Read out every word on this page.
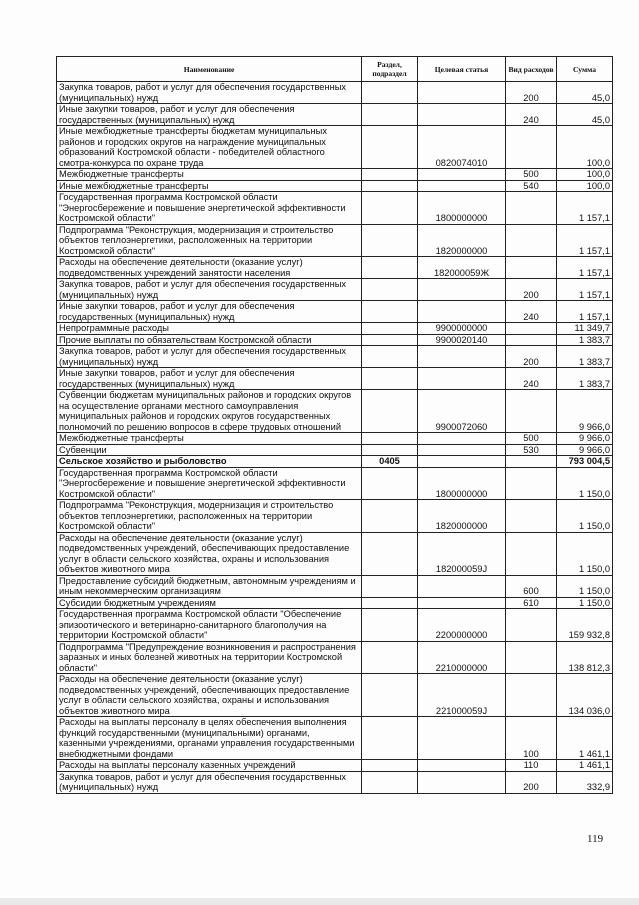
Наименование	Раздел, подраздел	Целевая статья	Вид расходов	Сумма
Закупка товаров, работ и услуг для обеспечения государственных (муниципальных) нужд			200	45,0
Иные закупки товаров, работ и услуг для обеспечения государственных (муниципальных) нужд			240	45,0
Иные межбюджетные трансферты бюджетам муниципальных районов и городских округов на награждение муниципальных образований Костромской области - победителей областного смотра-конкурса по охране труда		0820074010		100,0
Межбюджетные трансферты			500	100,0
Иные межбюджетные трансферты			540	100,0
Государственная программа Костромской области "Энергосбережение и повышение энергетической эффективности Костромской области"		1800000000		1 157,1
Подпрограмма "Реконструкция, модернизация и строительство объектов теплоэнергетики, расположенных на территории Костромской области"		1820000000		1 157,1
Расходы на обеспечение деятельности (оказание услуг) подведомственных учреждений занятости населения		182000059Ж		1 157,1
Закупка товаров, работ и услуг для обеспечения государственных (муниципальных) нужд			200	1 157,1
Иные закупки товаров, работ и услуг для обеспечения государственных (муниципальных) нужд			240	1 157,1
Непрограммные расходы		9900000000		11 349,7
Прочие выплаты по обязательствам Костромской области		9900020140		1 383,7
Закупка товаров, работ и услуг для обеспечения государственных (муниципальных) нужд			200	1 383,7
Иные закупки товаров, работ и услуг для обеспечения государственных (муниципальных) нужд			240	1 383,7
Субвенции бюджетам муниципальных районов и городских округов на осуществление органами местного самоуправления муниципальных районов и городских округов государственных полномочий по решению вопросов в сфере трудовых отношений		9900072060		9 966,0
Межбюджетные трансферты			500	9 966,0
Субвенции			530	9 966,0
Сельское хозяйство и рыболовство	0405			793 004,5
Государственная программа Костромской области "Энергосбережение и повышение энергетической эффективности Костромской области"		1800000000		1 150,0
Подпрограмма "Реконструкция, модернизация и строительство объектов теплоэнергетики, расположенных на территории Костромской области"		1820000000		1 150,0
Расходы на обеспечение деятельности (оказание услуг) подведомственных учреждений, обеспечивающих предоставление услуг в области сельского хозяйства, охраны и использования объектов животного мира		182000059J		1 150,0
Предоставление субсидий бюджетным, автономным учреждениям и иным некоммерческим организациям			600	1 150,0
Субсидии бюджетным учреждениям			610	1 150,0
Государственная программа Костромской области "Обеспечение эпизоотического и ветеринарно-санитарного благополучия на территории Костромской области"		2200000000		159 932,8
Подпрограмма "Предупреждение возникновения и распространения заразных и иных болезней животных на территории Костромской области"		2210000000		138 812,3
Расходы на обеспечение деятельности (оказание услуг) подведомственных учреждений, обеспечивающих предоставление услуг в области сельского хозяйства, охраны и использования объектов животного мира		221000059J		134 036,0
Расходы на выплаты персоналу в целях обеспечения выполнения функций государственными (муниципальными) органами, казенными учреждениями, органами управления государственными внебюджетными фондами			100	1 461,1
Расходы на выплаты персоналу казенных учреждений			110	1 461,1
Закупка товаров, работ и услуг для обеспечения государственных (муниципальных) нужд			200	332,9
119
